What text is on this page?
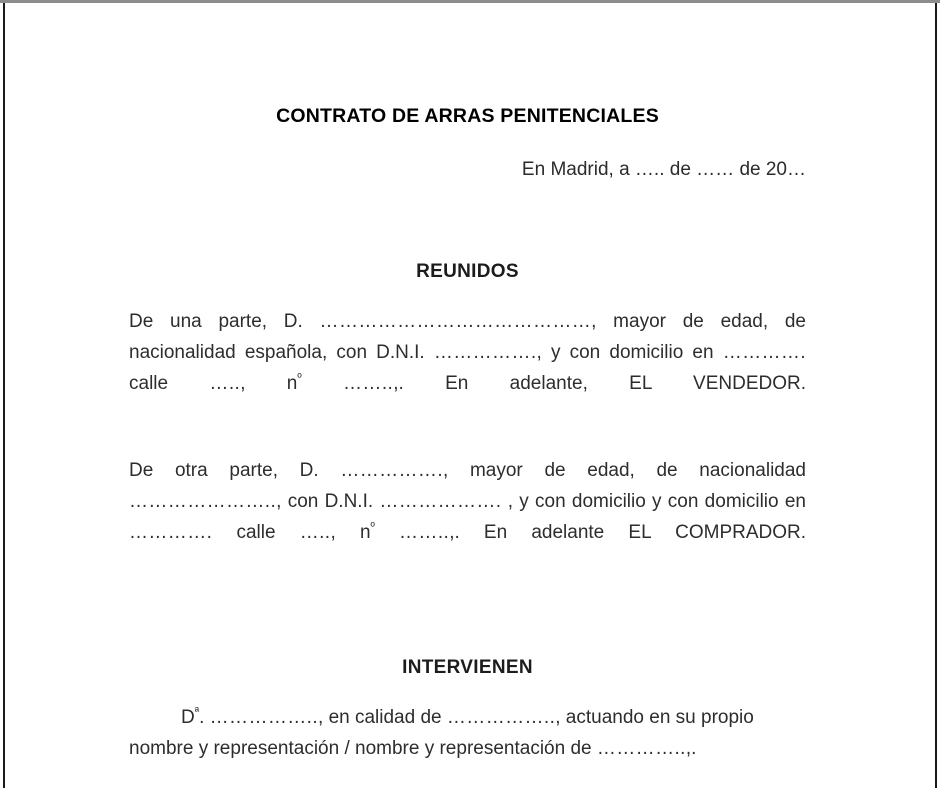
CONTRATO DE ARRAS PENITENCIALES

En Madrid, a ….. de …… de 20…

REUNIDOS

De una parte, D. ……………………………………, mayor de edad, de nacionalidad española, con D.N.I. ……………., y con domicilio en …………. calle ….., $n^º$ ……..,. En adelante, EL VENDEDOR.

De otra parte, D. ……………., mayor de edad, de nacionalidad ………………….., con D.N.I. ………………. , y con domicilio y con domicilio en …………. calle ….., $n^º$ ……..,. En adelante EL COMPRADOR.

INTERVIENEN

$D^ª$. …………….., en calidad de …………….., actuando en su propio nombre y representación / nombre y representación de …………..,.
